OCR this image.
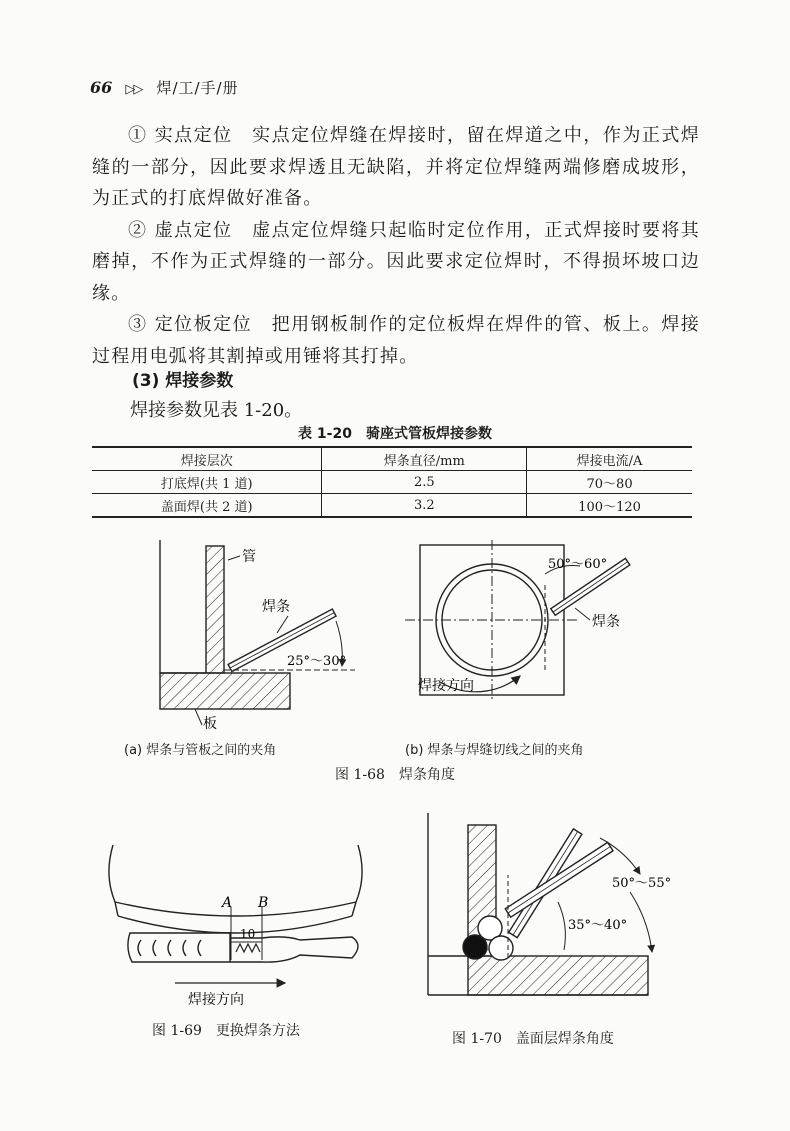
66 ▷▷ 焊/工/手/册

① 实点定位　实点定位焊缝在焊接时，留在焊道之中，作为正式焊缝的一部分，因此要求焊透且无缺陷，并将定位焊缝两端修磨成坡形，为正式的打底焊做好准备。

② 虚点定位　虚点定位焊缝只起临时定位作用，正式焊接时要将其磨掉，不作为正式焊缝的一部分。因此要求定位焊时，不得损坏坡口边缘。

③ 定位板定位　把用钢板制作的定位板焊在焊件的管、板上。焊接过程用电弧将其割掉或用锤将其打掉。

(3) 焊接参数
焊接参数见表 1-20。
表 1-20　骑座式管板焊接参数
焊接层次	焊条直径/mm	焊接电流/A
打底焊(共 1 道)	2.5	70～80
盖面焊(共 2 道)	3.2	100～120
管
焊条
25°～30°
板
50°～60°
焊条
焊接方向
A B
10
焊接方向
50°～55°
35°～40°
(a) 焊条与管板之间的夹角	(b) 焊条与焊缝切线之间的夹角
图 1-68　焊条角度
图 1-69　更换焊条方法	图 1-70　盖面层焊条角度
